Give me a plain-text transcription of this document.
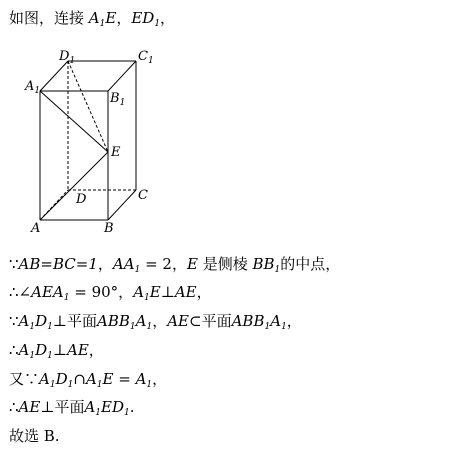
如图，连接 $A_1E$，$ED_1$，
$A_1$
$D_1$	$C_1$
$B_1$
E
C
D
A	B
∵AB=BC=1，$AA_1 = 2$，E 是侧棱 $BB_1$的中点，
$\therefore\angle AEA_1 = 90^\circ$，$A_1E\perp AE$，
$\because A_1D_1\perp$平面$ABB_1A_1$，AE⊂平面$ABB_1A_1$，
$\therefore A_1D_1\perp AE$，
又$\because A_1D_1\cap A_1E = A_1$，
∴AE⊥平面$A_1ED_1$.
故选 B.
